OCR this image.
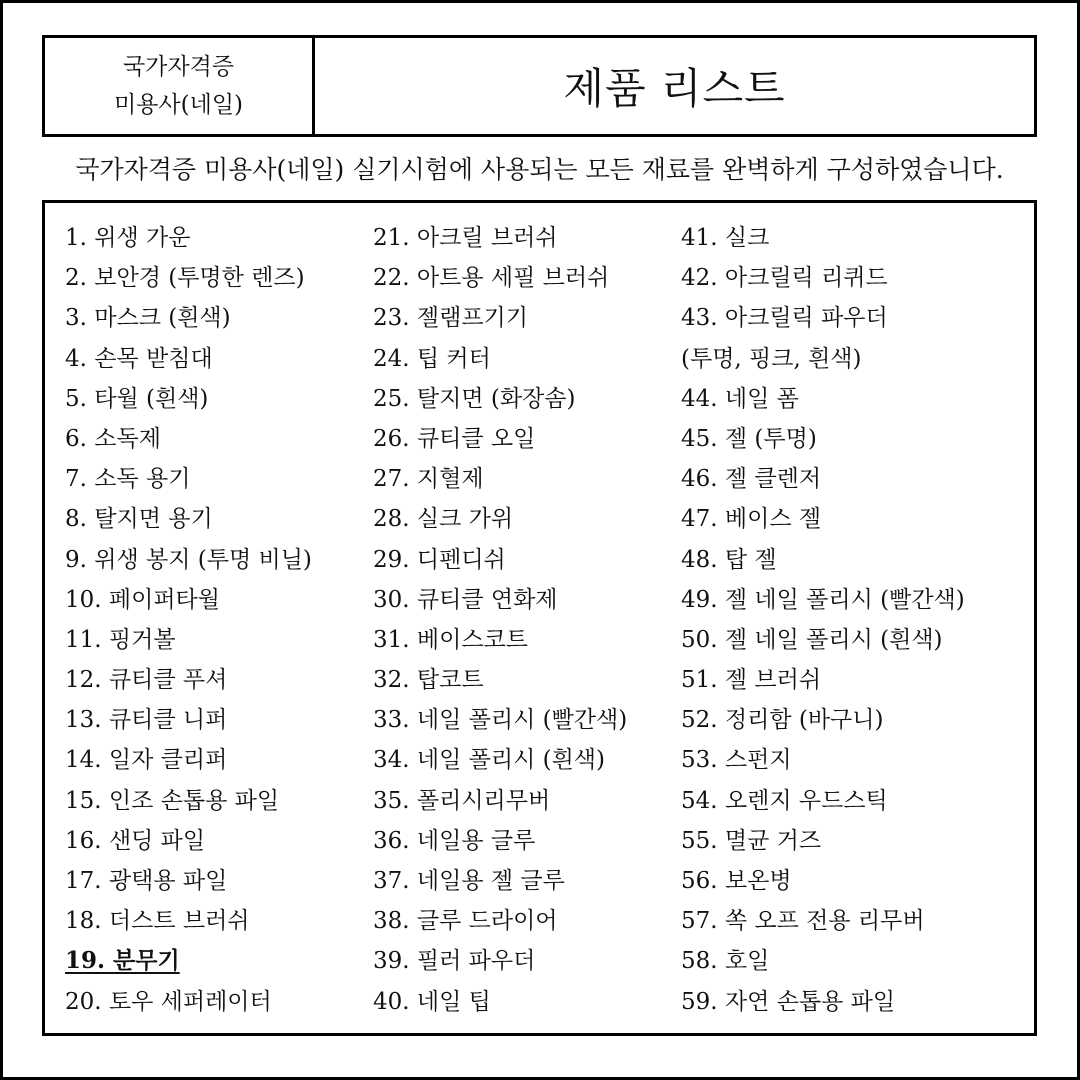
국가자격증
미용사(네일)	제품 리스트
국가자격증 미용사(네일) 실기시험에 사용되는 모든 재료를 완벽하게 구성하였습니다.
1. 위생 가운
2. 보안경 (투명한 렌즈)
3. 마스크 (흰색)
4. 손목 받침대
5. 타월 (흰색)
6. 소독제
7. 소독 용기
8. 탈지면 용기
9. 위생 봉지 (투명 비닐)
10. 페이퍼타월
11. 핑거볼
12. 큐티클 푸셔
13. 큐티클 니퍼
14. 일자 클리퍼
15. 인조 손톱용 파일
16. 샌딩 파일
17. 광택용 파일
18. 더스트 브러쉬
19. 분무기
20. 토우 세퍼레이터
21. 아크릴 브러쉬
22. 아트용 세필 브러쉬
23. 젤램프기기
24. 팁 커터
25. 탈지면 (화장솜)
26. 큐티클 오일
27. 지혈제
28. 실크 가위
29. 디펜디쉬
30. 큐티클 연화제
31. 베이스코트
32. 탑코트
33. 네일 폴리시 (빨간색)
34. 네일 폴리시 (흰색)
35. 폴리시리무버
36. 네일용 글루
37. 네일용 젤 글루
38. 글루 드라이어
39. 필러 파우더
40. 네일 팁
41. 실크
42. 아크릴릭 리퀴드
43. 아크릴릭 파우더
(투명, 핑크, 흰색)
44. 네일 폼
45. 젤 (투명)
46. 젤 클렌저
47. 베이스 젤
48. 탑 젤
49. 젤 네일 폴리시 (빨간색)
50. 젤 네일 폴리시 (흰색)
51. 젤 브러쉬
52. 정리함 (바구니)
53. 스펀지
54. 오렌지 우드스틱
55. 멸균 거즈
56. 보온병
57. 쏙 오프 전용 리무버
58. 호일
59. 자연 손톱용 파일
